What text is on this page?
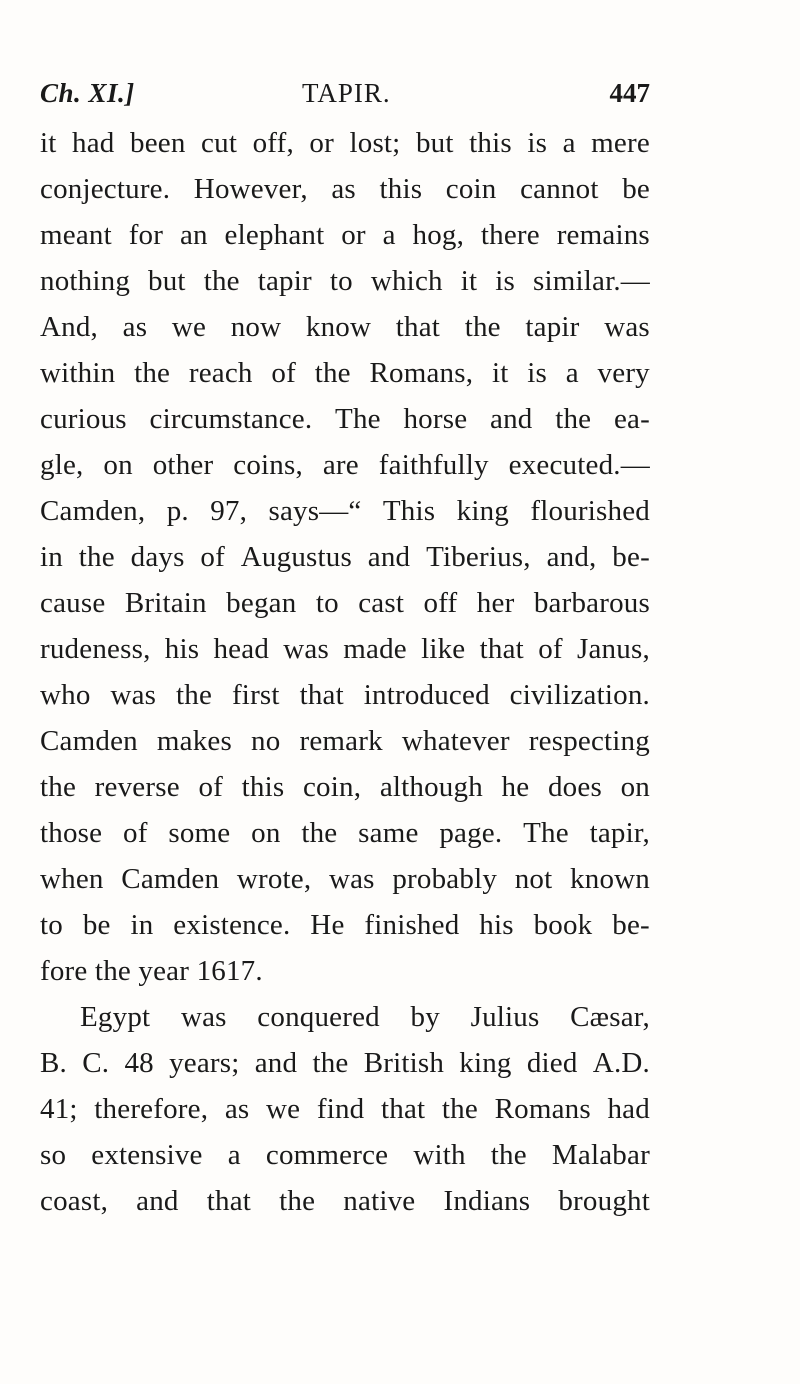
Ch. XI.]	TAPIR.	447
it had been cut off, or lost; but this is a mere
conjecture. However, as this coin cannot be
meant for an elephant or a hog, there remains
nothing but the tapir to which it is similar.—
And, as we now know that the tapir was
within the reach of the Romans, it is a very
curious circumstance. The horse and the ea-
gle, on other coins, are faithfully executed.—
Camden, p. 97, says—“ This king flourished
in the days of Augustus and Tiberius, and, be-
cause Britain began to cast off her barbarous
rudeness, his head was made like that of Janus,
who was the first that introduced civilization.
Camden makes no remark whatever respecting
the reverse of this coin, although he does on
those of some on the same page. The tapir,
when Camden wrote, was probably not known
to be in existence. He finished his book be-
fore the year 1617.
Egypt was conquered by Julius Cæsar,
B. C. 48 years; and the British king died A.D.
41; therefore, as we find that the Romans had
so extensive a commerce with the Malabar
coast, and that the native Indians brought
